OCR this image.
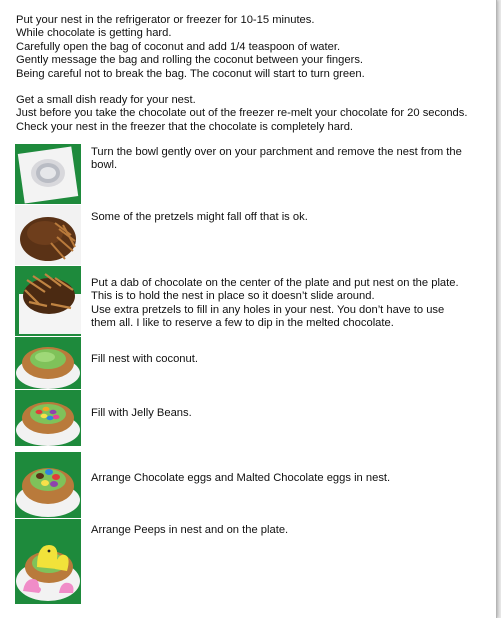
Put your nest in the refrigerator or freezer for 10-15 minutes.

While chocolate is getting hard.

Carefully open the bag of coconut and add 1/4 teaspoon of water.

Gently message the bag and rolling the coconut between your fingers.

Being careful not to break the bag. The coconut will start to turn green.

Get a small dish ready for your nest.

Just before you take the chocolate out of the freezer re-melt your chocolate for 20 seconds.

Check your nest in the freezer that the chocolate is completely hard.

Turn the bowl gently over on your parchment and remove the nest from the

bowl.

Some of the pretzels might fall off that is ok.

Put a dab of chocolate on the center of the plate and put nest on the plate.

This is to hold the nest in place so it doesn’t slide around.

Use extra pretzels to fill in any holes in your nest. You don’t have to use

them all. I like to reserve a few to dip in the melted chocolate.

Fill nest with coconut.

Fill with Jelly Beans.

Arrange Chocolate eggs and Malted Chocolate eggs in nest.

Arrange Peeps in nest and on the plate.
